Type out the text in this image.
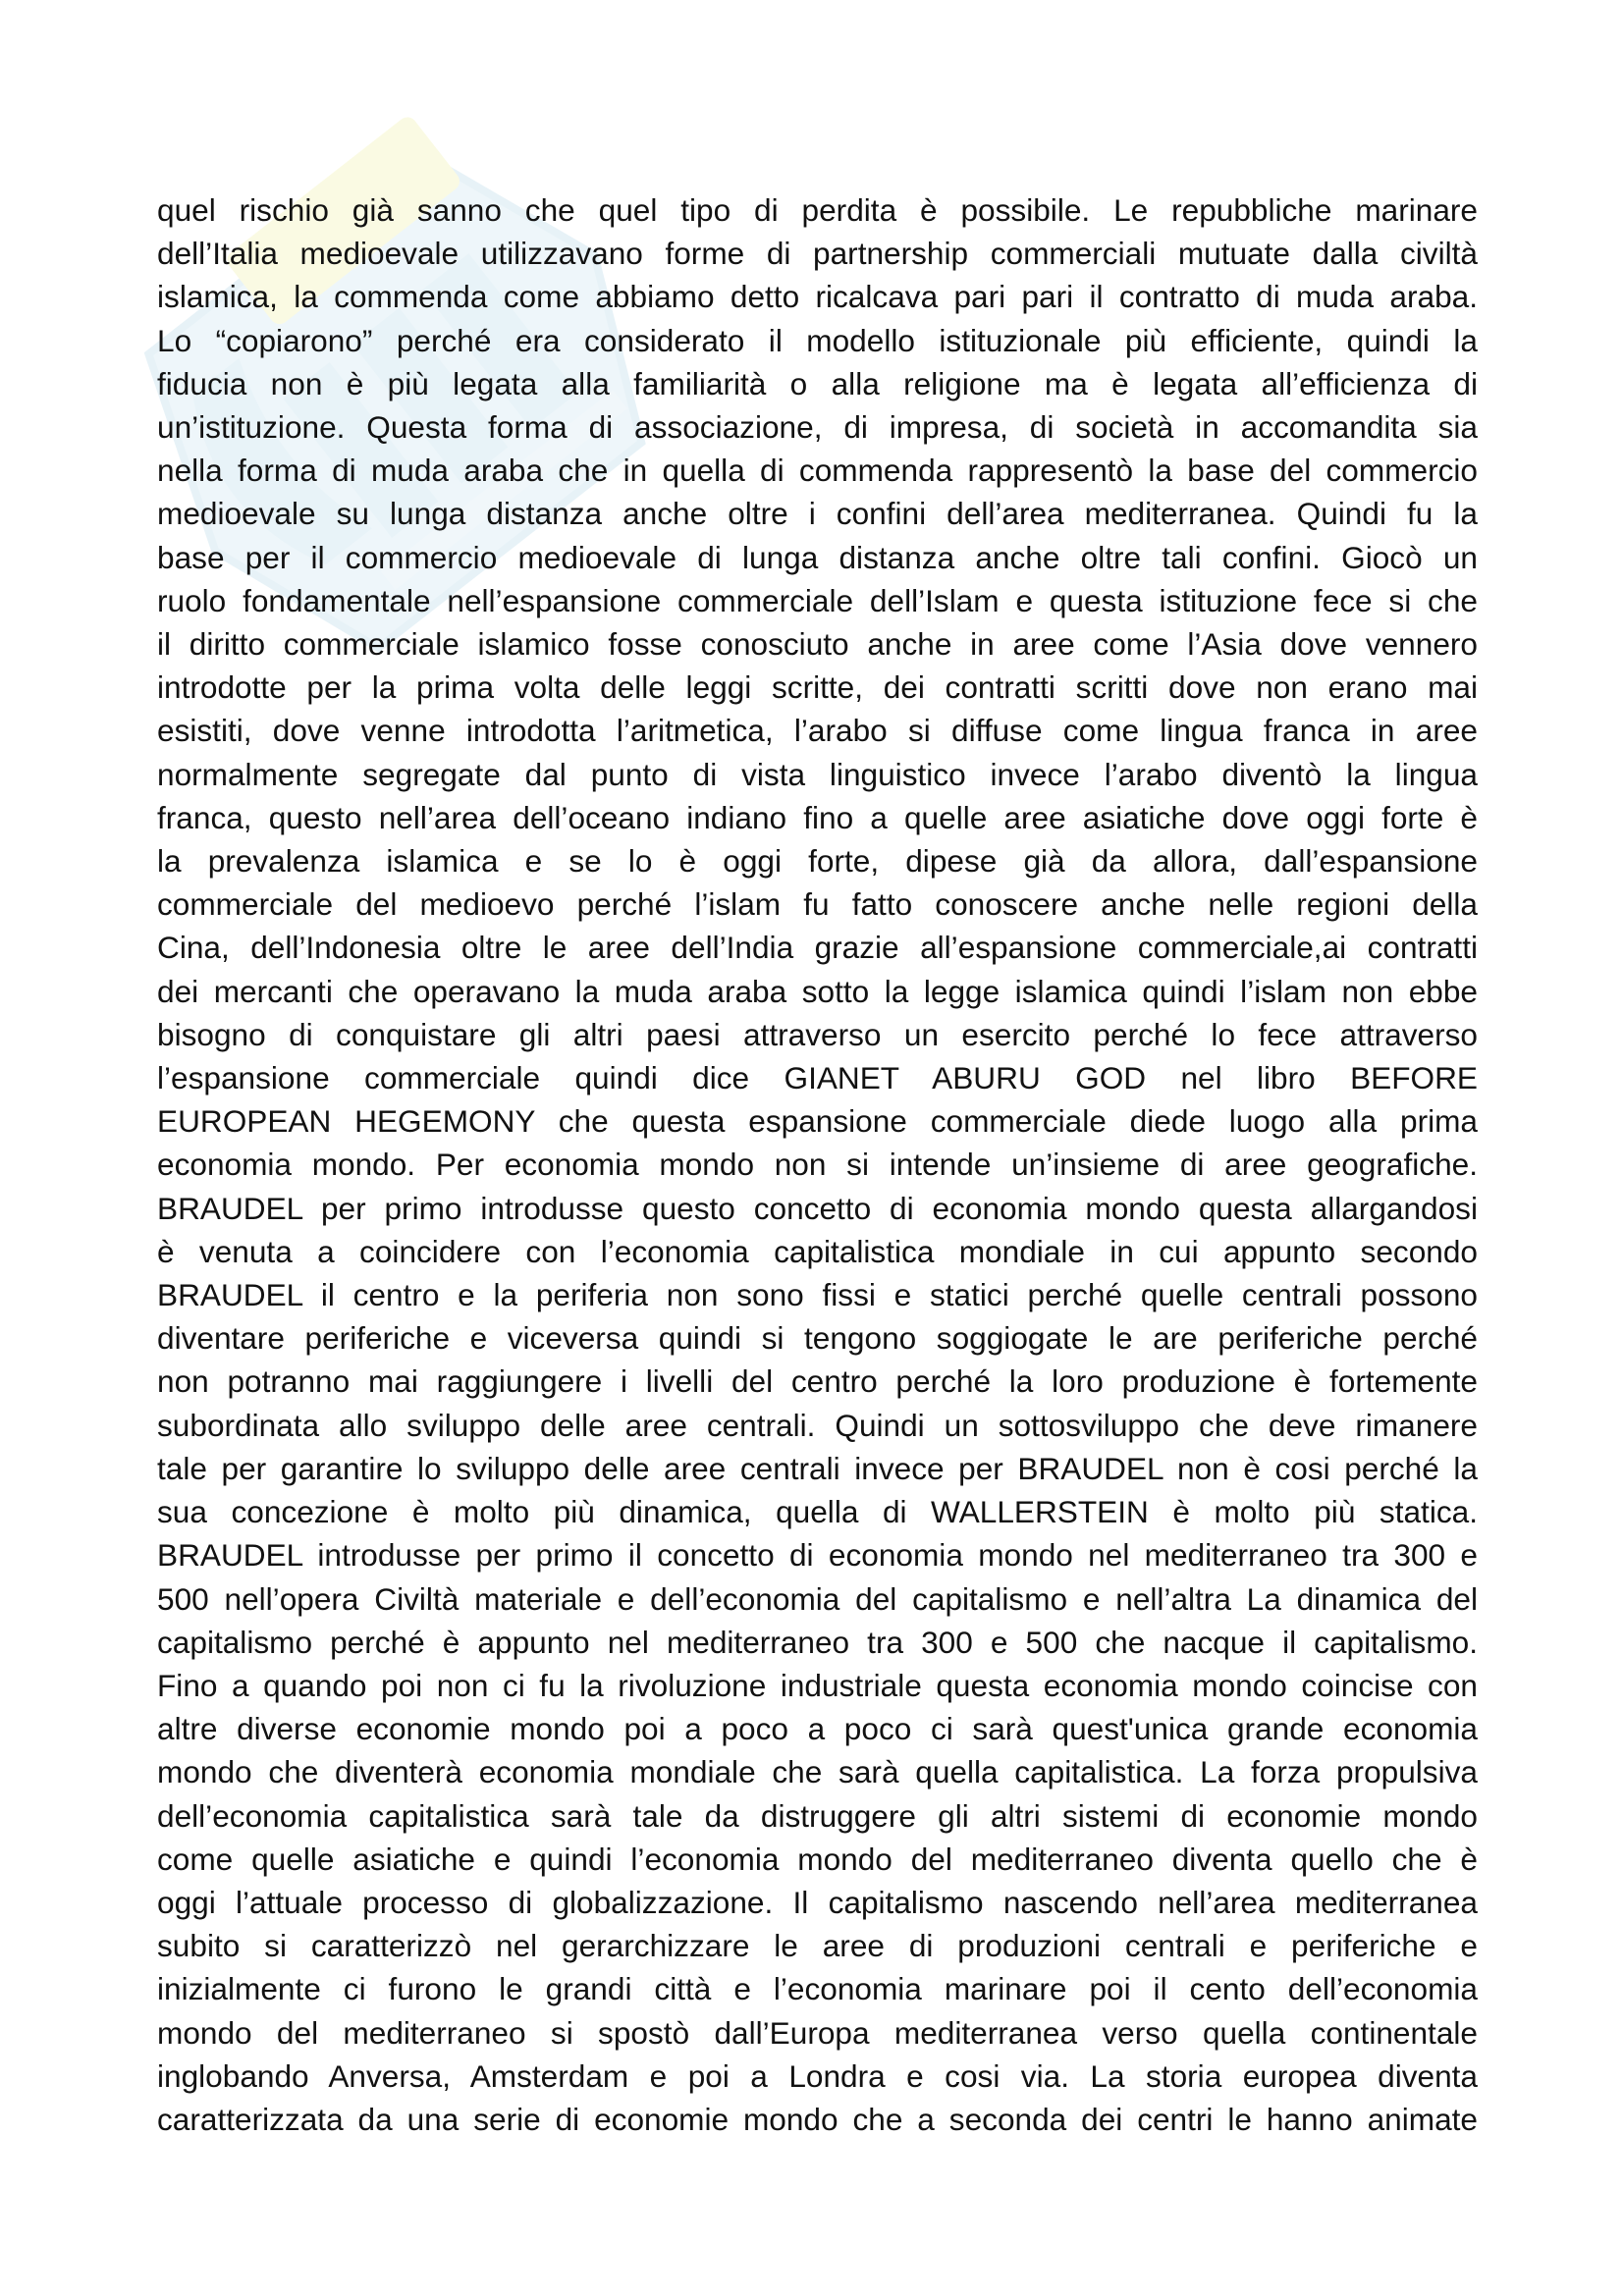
quel rischio già sanno che quel tipo di perdita è possibile. Le repubbliche marinare
dell’Italia medioevale utilizzavano forme di partnership commerciali mutuate dalla civiltà
islamica, la commenda come abbiamo detto ricalcava pari pari il contratto di muda araba.
Lo “copiarono” perché era considerato il modello istituzionale più efficiente, quindi la
fiducia non è più legata alla familiarità o alla religione ma è legata all’efficienza di
un’istituzione. Questa forma di associazione, di impresa, di società in accomandita sia
nella forma di muda araba che in quella di commenda rappresentò la base del commercio
medioevale su lunga distanza anche oltre i confini dell’area mediterranea. Quindi fu la
base per il commercio medioevale di lunga distanza anche oltre tali confini. Giocò un
ruolo fondamentale nell’espansione commerciale dell’Islam e questa istituzione fece si che
il diritto commerciale islamico fosse conosciuto anche in aree come l’Asia dove vennero
introdotte per la prima volta delle leggi scritte, dei contratti scritti dove non erano mai
esistiti, dove venne introdotta l’aritmetica, l’arabo si diffuse come lingua franca in aree
normalmente segregate dal punto di vista linguistico invece l’arabo diventò la lingua
franca, questo nell’area dell’oceano indiano fino a quelle aree asiatiche dove oggi forte è
la prevalenza islamica e se lo è oggi forte, dipese già da allora, dall’espansione
commerciale del medioevo perché l’islam fu fatto conoscere anche nelle regioni della
Cina, dell’Indonesia oltre le aree dell’India grazie all’espansione commerciale,ai contratti
dei mercanti che operavano la muda araba sotto la legge islamica quindi l’islam non ebbe
bisogno di conquistare gli altri paesi attraverso un esercito perché lo fece attraverso
l’espansione commerciale quindi dice GIANET ABURU GOD nel libro BEFORE
EUROPEAN HEGEMONY che questa espansione commerciale diede luogo alla prima
economia mondo. Per economia mondo non si intende un’insieme di aree geografiche.
BRAUDEL per primo introdusse questo concetto di economia mondo questa allargandosi
è venuta a coincidere con l’economia capitalistica mondiale in cui appunto secondo
BRAUDEL il centro e la periferia non sono fissi e statici perché quelle centrali possono
diventare periferiche e viceversa quindi si tengono soggiogate le are periferiche perché
non potranno mai raggiungere i livelli del centro perché la loro produzione è fortemente
subordinata allo sviluppo delle aree centrali. Quindi un sottosviluppo che deve rimanere
tale per garantire lo sviluppo delle aree centrali invece per BRAUDEL non è cosi perché la
sua concezione è molto più dinamica, quella di WALLERSTEIN è molto più statica.
BRAUDEL introdusse per primo il concetto di economia mondo nel mediterraneo tra 300 e
500 nell’opera Civiltà materiale e dell’economia del capitalismo e nell’altra La dinamica del
capitalismo perché è appunto nel mediterraneo tra 300 e 500 che nacque il capitalismo.
Fino a quando poi non ci fu la rivoluzione industriale questa economia mondo coincise con
altre diverse economie mondo poi a poco a poco ci sarà quest'unica grande economia
mondo che diventerà economia mondiale che sarà quella capitalistica. La forza propulsiva
dell’economia capitalistica sarà tale da distruggere gli altri sistemi di economie mondo
come quelle asiatiche e quindi l’economia mondo del mediterraneo diventa quello che è
oggi l’attuale processo di globalizzazione. Il capitalismo nascendo nell’area mediterranea
subito si caratterizzò nel gerarchizzare le aree di produzioni centrali e periferiche e
inizialmente ci furono le grandi città e l’economia marinare poi il cento dell’economia
mondo del mediterraneo si spostò dall’Europa mediterranea verso quella continentale
inglobando Anversa, Amsterdam e poi a Londra e cosi via. La storia europea diventa
caratterizzata da una serie di economie mondo che a seconda dei centri le hanno animate
